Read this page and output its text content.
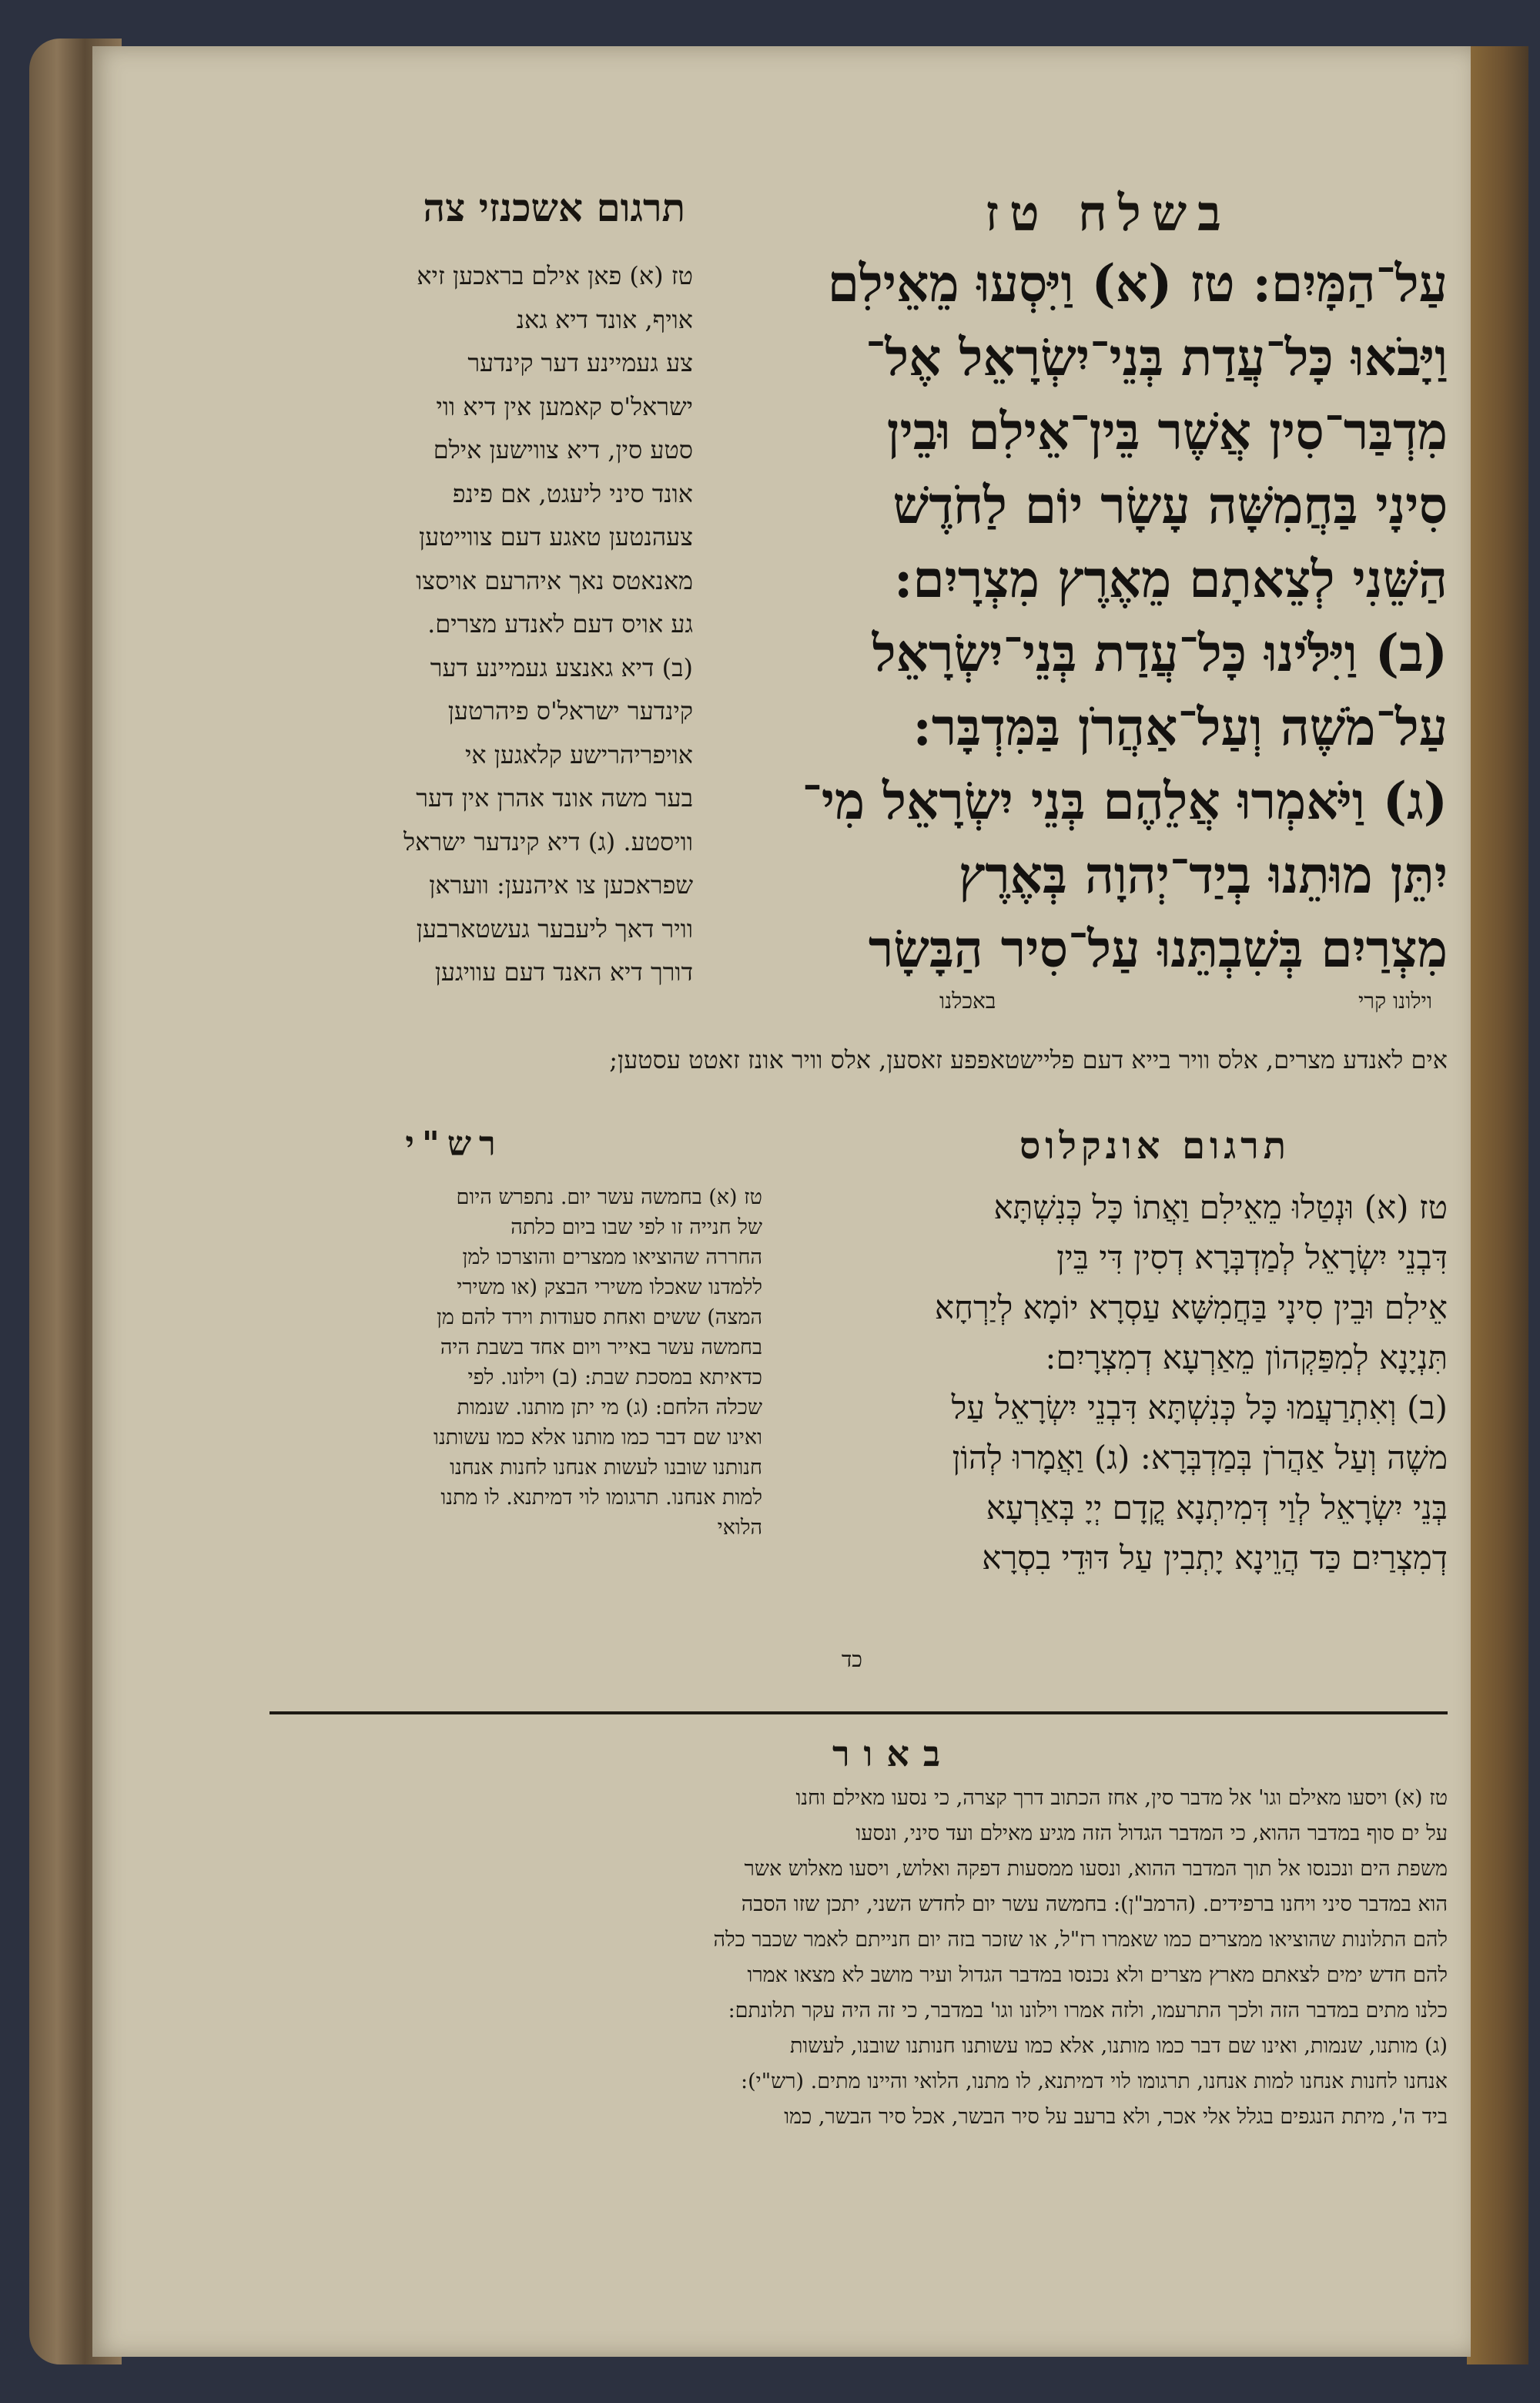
בשלח טז
תרגום אשכנזי צה

עַל־הַמָּיִם: טז (א) וַיִּסְעוּ מֵאֵילִם

וַיָּבֹאוּ כָּל־עֲדַת בְּנֵי־יִשְׂרָאֵל אֶל־

מִדְבַּר־סִין אֲשֶׁר בֵּין־אֵילִם וּבֵין

סִינָי בַּחֲמִשָּׁה עָשָׂר יוֹם לַחֹדֶשׁ

הַשֵּׁנִי לְצֵאתָם מֵאֶרֶץ מִצְרָיִם:

(ב) וַיִּלֹּינוּ כָּל־עֲדַת בְּנֵי־יִשְׂרָאֵל

עַל־מֹשֶׁה וְעַל־אַהֲרֹן בַּמִּדְבָּר:

(ג) וַיֹּאמְרוּ אֲלֵהֶם בְּנֵי יִשְׂרָאֵל מִי־

יִתֵּן מוּתֵנוּ בְיַד־יְהוָה בְּאֶרֶץ

מִצְרַיִם בְּשִׁבְתֵּנוּ עַל־סִיר הַבָּשָׂר

וילונו קרי
באכלנו

טז (א) פאן אילם בראכען זיא

אויף, אונד דיא גאנ

צע געמיינע דער קינדער

ישראל'ס קאמען אין דיא ווי

סטע סין, דיא צווישען אילם

אונד סיני ליעגט, אם פינפ

צעהנטען טאגע דעם צווייטען

מאנאטס נאך איהרעם אויסצו

גע אויס דעם לאנדע מצרים.

(ב) דיא גאנצע געמיינע דער

קינדער ישראל'ס פיהרטען

אויפריהרישע קלאגען אי

בער משה אונד אהרן אין דער

וויסטע. (ג) דיא קינדער ישראל

שפראכען צו איהנען: וועראן

וויר דאך ליעבער געשטארבען

דורך דיא האנד דעם עוויגען

אים לאנדע מצרים, אלס וויר בייא דעם פליישטאפפע זאסען, אלס וויר אונז זאטט עסטען;
תרגום אונקלוס
רש"י

טז (א) וּנְטַלוּ מֵאֵילִם וַאֲתוֹ כָּל כְּנִשְׁתָּא

דִּבְנֵי יִשְׂרָאֵל לְמַדְבְּרָא דְסִין דִּי בֵּין

אֵילִם וּבֵין סִינָי בַּחֲמִשָּׁא עַסְרָא יוֹמָא לְיַרְחָא

תִּנְיָנָא לְמִפַּקְהוֹן מֵאַרְעָא דְמִצְרָיִם:

(ב) וְאִתְרַעֲמוּ כָּל כְּנִשְׁתָּא דִּבְנֵי יִשְׂרָאֵל עַל

משֶׁה וְעַל אַהֲרֹן בְּמַדְבְּרָא: (ג) וַאֲמָרוּ לְהוֹן

בְּנֵי יִשְׂרָאֵל לְוַי דְּמִיתְנָא קֳדָם יְיָ בְּאַרְעָא

דְמִצְרַיִם כַּד הֲוֵינָא יָתְבִין עַל דּוּדֵי בִסְרָא

כד

טז (א) בחמשה עשר יום. נתפרש היום

של חנייה זו לפי שבו ביום כלתה

החררה שהוציאו ממצרים והוצרכו למן

ללמדנו שאכלו משירי הבצק (או משירי

המצה) ששים ואחת סעודות וירד להם מן

בחמשה עשר באייר ויום אחד בשבת היה

כדאיתא במסכת שבת: (ב) וילונו. לפי

שכלה הלחם: (ג) מי יתן מותנו. שנמות

ואינו שם דבר כמו מותנו אלא כמו עשותנו

חנותנו שובנו לעשות אנחנו לחנות אנחנו

למות אנחנו. תרגומו לוי דמיתנא. לו מתנו

הלואי

באור

טז (א) ויסעו מאילם וגו' אל מדבר סין, אחז הכתוב דרך קצרה, כי נסעו מאילם וחנו

על ים סוף במדבר ההוא, כי המדבר הגדול הזה מגיע מאילם ועד סיני, ונסעו

משפת הים ונכנסו אל תוך המדבר ההוא, ונסעו ממסעות דפקה ואלוש, ויסעו מאלוש אשר

הוא במדבר סיני ויחנו ברפידים. (הרמב"ן): בחמשה עשר יום לחדש השני, יתכן שזו הסבה

להם התלונות שהוציאו ממצרים כמו שאמרו רז"ל, או שזכר בזה יום חנייתם לאמר שכבר כלה

להם חדש ימים לצאתם מארץ מצרים ולא נכנסו במדבר הגדול ועיר מושב לא מצאו אמרו

כלנו מתים במדבר הזה ולכך התרעמו, ולזה אמרו וילונו וגו' במדבר, כי זה היה עקר תלונתם:

(ג) מותנו, שנמות, ואינו שם דבר כמו מותנו, אלא כמו עשותנו חנותנו שובנו, לעשות

אנחנו לחנות אנחנו למות אנחנו, תרגומו לוי דמיתנא, לו מתנו, הלואי והיינו מתים. (רש"י):

ביד ה', מיתת הנגפים בגלל אלי אכר, ולא ברעב על סיר הבשר, אכל סיר הבשר, כמו
